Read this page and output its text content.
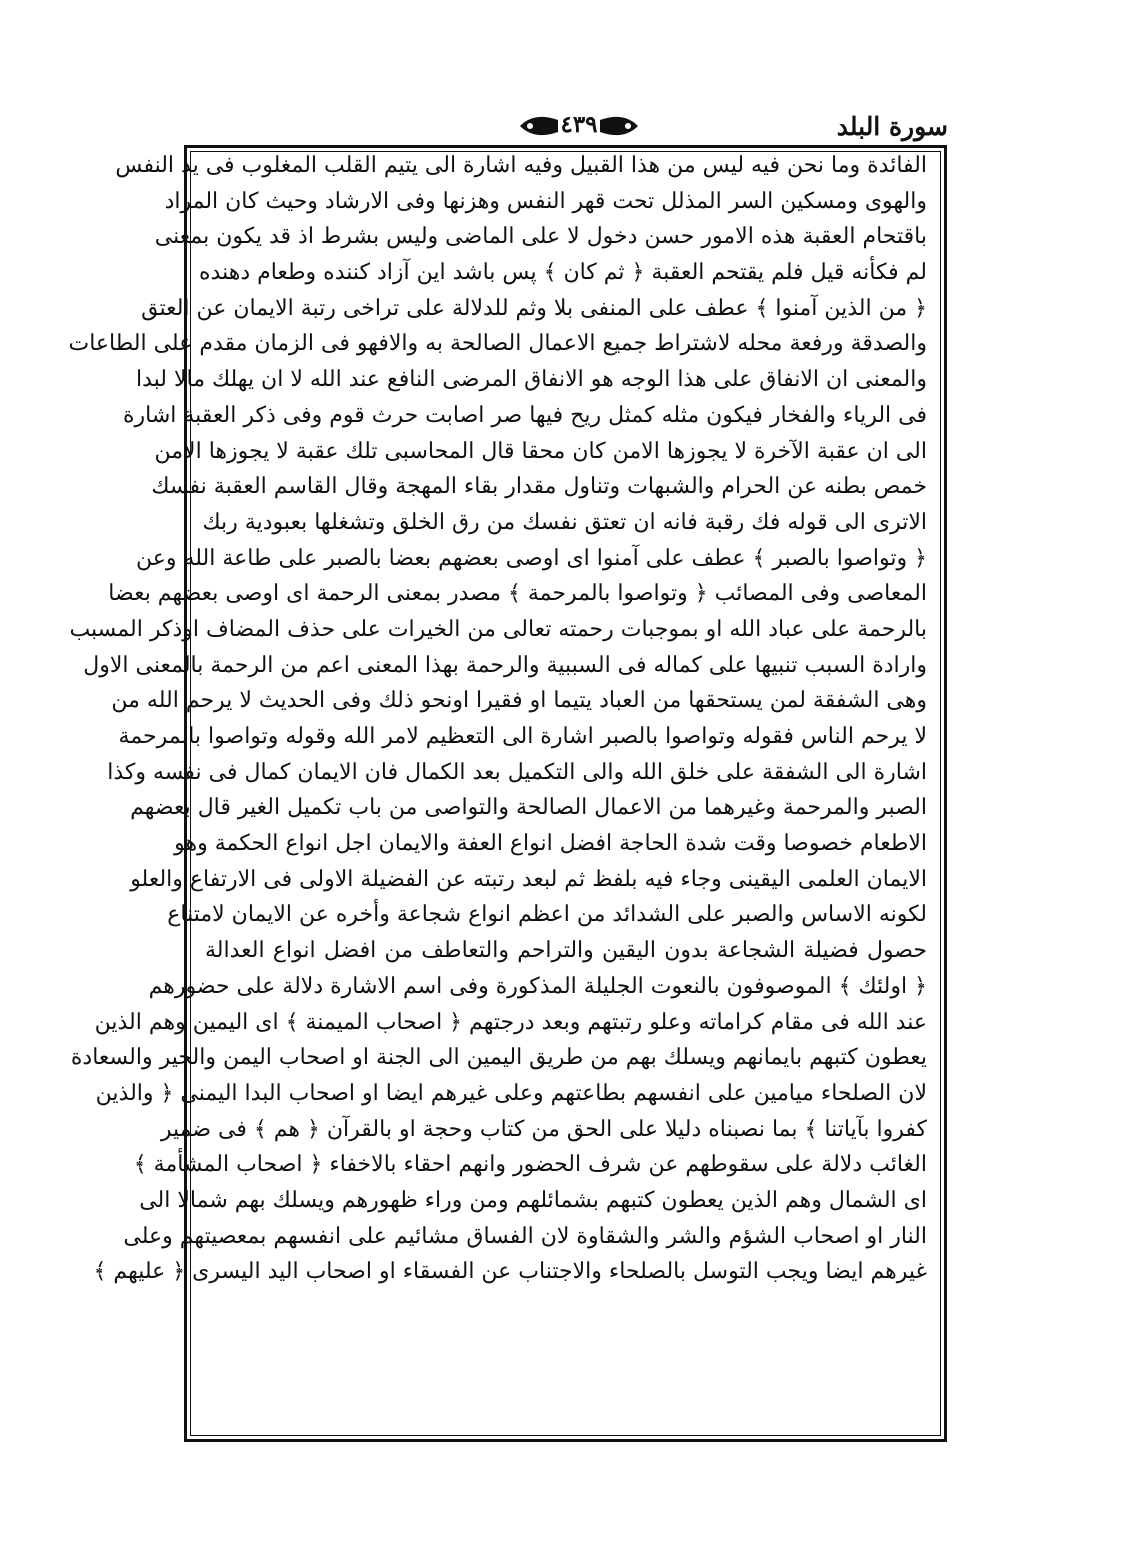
سورة البلد
٤٣٩
الفائدة وما نحن فيه ليس من هذا القبيل وفيه اشارة الى يتيم القلب المغلوب فى يد النفس
والهوى ومسكين السر المذلل تحت قهر النفس وهزنها وفى الارشاد وحيث كان المراد
باقتحام العقبة هذه الامور حسن دخول لا على الماضى وليس بشرط اذ قد يكون بمعنى
لم فكأنه قيل فلم يقتحم العقبة ﴿ ثم كان ﴾ پس باشد اين آزاد كننده وطعام دهنده
﴿ من الذين آمنوا ﴾ عطف على المنفى بلا وثم للدلالة على تراخى رتبة الايمان عن العتق
والصدقة ورفعة محله لاشتراط جميع الاعمال الصالحة به والافهو فى الزمان مقدم على الطاعات
والمعنى ان الانفاق على هذا الوجه هو الانفاق المرضى النافع عند الله لا ان يهلك مالا لبدا
فى الرياء والفخار فيكون مثله كمثل ريح فيها صر اصابت حرث قوم وفى ذكر العقبة اشارة
الى ان عقبة الآخرة لا يجوزها الامن كان محقا قال المحاسبى تلك عقبة لا يجوزها الامن
خمص بطنه عن الحرام والشبهات وتناول مقدار بقاء المهجة وقال القاسم العقبة نفسك
الاترى الى قوله فك رقبة فانه ان تعتق نفسك من رق الخلق وتشغلها بعبودية ربك
﴿ وتواصوا بالصبر ﴾ عطف على آمنوا اى اوصى بعضهم بعضا بالصبر على طاعة الله وعن
المعاصى وفى المصائب ﴿ وتواصوا بالمرحمة ﴾ مصدر بمعنى الرحمة اى اوصى بعضهم بعضا
بالرحمة على عباد الله او بموجبات رحمته تعالى من الخيرات على حذف المضاف اوذكر المسبب
وارادة السبب تنبيها على كماله فى السببية والرحمة بهذا المعنى اعم من الرحمة بالمعنى الاول
وهى الشفقة لمن يستحقها من العباد يتيما او فقيرا اونحو ذلك وفى الحديث لا يرحم الله من
لا يرحم الناس فقوله وتواصوا بالصبر اشارة الى التعظيم لامر الله وقوله وتواصوا بالمرحمة
اشارة الى الشفقة على خلق الله والى التكميل بعد الكمال فان الايمان كمال فى نفسه وكذا
الصبر والمرحمة وغيرهما من الاعمال الصالحة والتواصى من باب تكميل الغير قال بعضهم
الاطعام خصوصا وقت شدة الحاجة افضل انواع العفة والايمان اجل انواع الحكمة وهو
الايمان العلمى اليقينى وجاء فيه بلفظ ثم لبعد رتبته عن الفضيلة الاولى فى الارتفاع والعلو
لكونه الاساس والصبر على الشدائد من اعظم انواع شجاعة وأخره عن الايمان لامتناع
حصول فضيلة الشجاعة بدون اليقين والتراحم والتعاطف من افضل انواع العدالة
﴿ اولئك ﴾ الموصوفون بالنعوت الجليلة المذكورة وفى اسم الاشارة دلالة على حضورهم
عند الله فى مقام كراماته وعلو رتبتهم وبعد درجتهم ﴿ اصحاب الميمنة ﴾ اى اليمين وهم الذين
يعطون كتبهم بايمانهم ويسلك بهم من طريق اليمين الى الجنة او اصحاب اليمن والخير والسعادة
لان الصلحاء ميامين على انفسهم بطاعتهم وعلى غيرهم ايضا او اصحاب البدا اليمنى ﴿ والذين
كفروا بآياتنا ﴾ بما نصبناه دليلا على الحق من كتاب وحجة او بالقرآن ﴿ هم ﴾ فى ضمير
الغائب دلالة على سقوطهم عن شرف الحضور وانهم احقاء بالاخفاء ﴿ اصحاب المشأمة ﴾
اى الشمال وهم الذين يعطون كتبهم بشمائلهم ومن وراء ظهورهم ويسلك بهم شمالا الى
النار او اصحاب الشؤم والشر والشقاوة لان الفساق مشائيم على انفسهم بمعصيتهم وعلى
غيرهم ايضا ويجب التوسل بالصلحاء والاجتناب عن الفسقاء او اصحاب اليد اليسرى ﴿ عليهم ﴾
